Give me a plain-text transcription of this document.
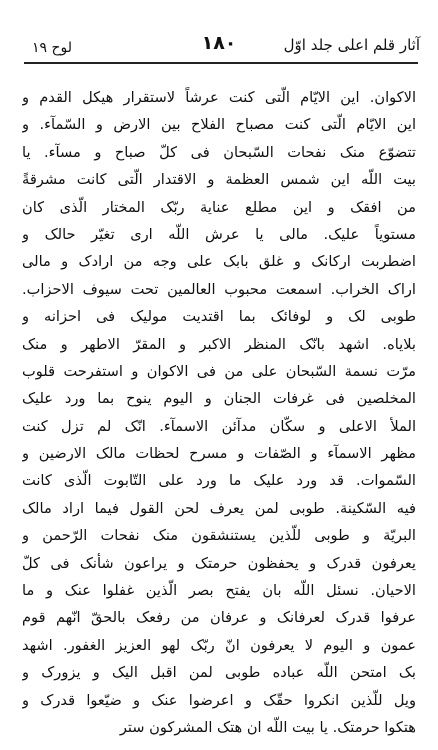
لوح ١٩	١٨٠	آثار قلم اعلی جلد اوّل
الاکوان. این الایّام الّتی کنت عرشاً لاستقرار هیکل القدم و
این الایّام الّتی کنت مصباح الفلاح بین الارض و السّمآء. و
تتضوّع منک نفحات السّبحان فی کلّ صباح و مسآء. یا
بیت اللّه این شمس العظمة و الاقتدار الّتی کانت مشرقةً
من افقک و این مطلع عنایة ربّک المختار الّذی کان
مستویاً علیک. مالی یا عرش اللّه اری تغیّر حالک و
اضطربت ارکانک و غلق بابک علی وجه من ارادک و مالی
اراک الخراب. اسمعت محبوب العالمین تحت سیوف الاحزاب.
طوبی لک و لوفائک بما اقتدیت مولیک فی احزانه و
بلایاه. اشهد بانّک المنظر الاکبر و المقرّ الاطهر و منک
مرّت نسمة السّبحان علی من فی الاکوان و استفرحت قلوب
المخلصین فی غرفات الجنان و الیوم ینوح بما ورد علیک
الملأ الاعلی و سکّان مدآئن الاسمآء. انّک لم تزل کنت
مظهر الاسمآء و الصّفات و مسرح لحظات مالک الارضین و
السّموات. قد ورد علیک ما ورد علی التّابوت الّذی کانت
فیه السّکینة. طوبی لمن یعرف لحن القول فیما اراد مالک
البریّة و طوبی للّذین یستنشقون منک نفحات الرّحمن و
یعرفون قدرک و یحفظون حرمتک و یراعون شأنک فی کلّ
الاحیان. نسئل اللّه بان یفتح بصر الّذین غفلوا عنک و ما
عرفوا قدرک لعرفانک و عرفان من رفعک بالحقّ انّهم قوم
عمون و الیوم لا یعرفون انّ ربّک لهو العزیز الغفور. اشهد
بک امتحن اللّه عباده طوبی لمن اقبل الیک و یزورک و
ویل للّذین انکروا حقّک و اعرضوا عنک و ضیّعوا قدرک و
هتکوا حرمتک. یا بیت اللّه ان هتک المشرکون ستر
